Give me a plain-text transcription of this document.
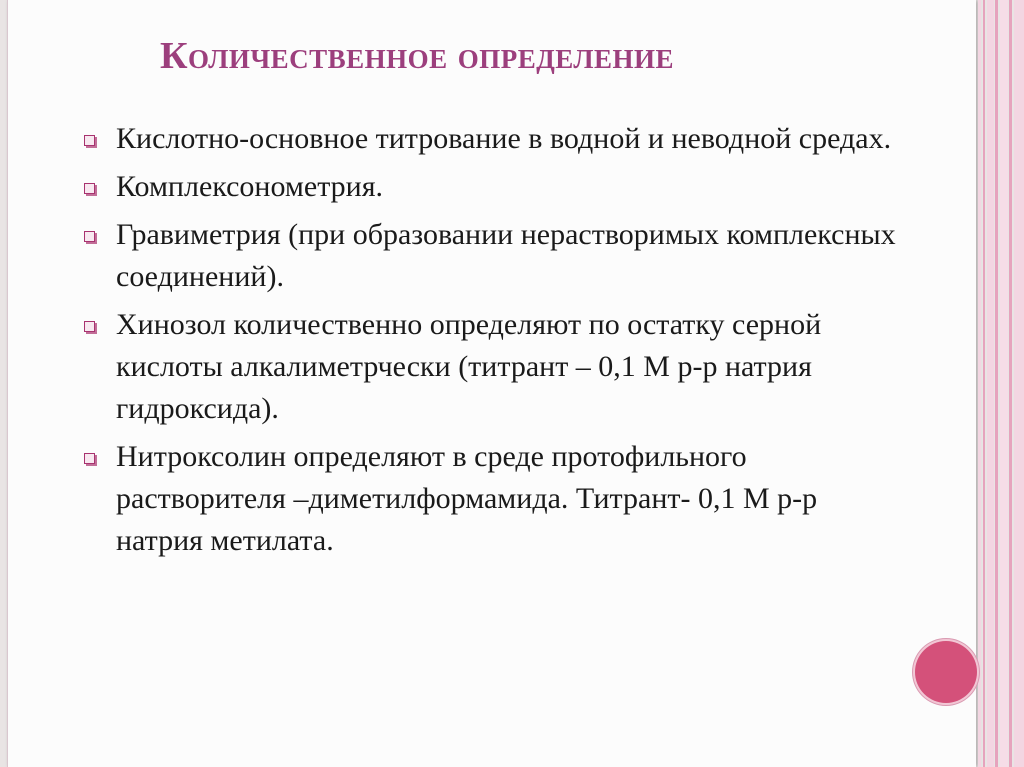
Количественное определение
Кислотно-основное титрование в водной и неводной средах.
Комплексонометрия.
Гравиметрия (при образовании нерастворимых комплексных соединений).
Хинозол количественно определяют по остатку серной кислоты алкалиметрчески (титрант – 0,1 М р-р натрия гидроксида).
Нитроксолин определяют в среде протофильного растворителя –диметилформамида. Титрант- 0,1 М р-р натрия метилата.
